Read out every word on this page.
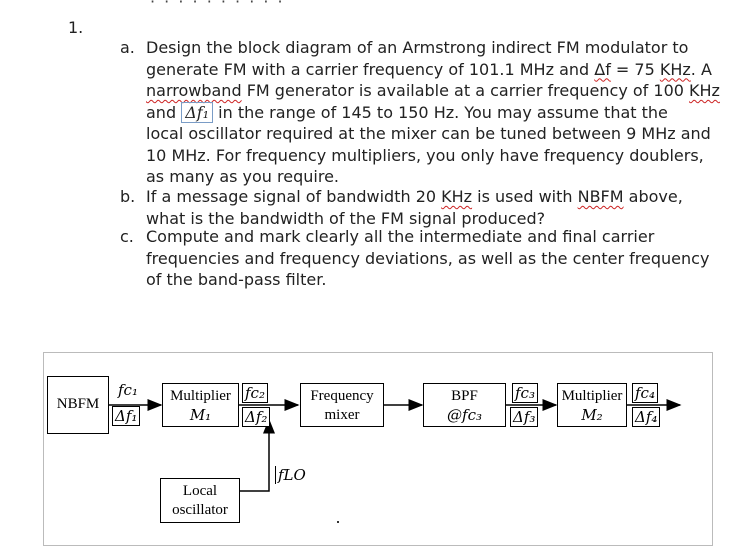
· · · · · · · · · ·
1.
a. Design the block diagram of an Armstrong indirect FM modulator to
generate FM with a carrier frequency of 101.1 MHz and Δf = 75 KHz. A
narrowband FM generator is available at a carrier frequency of 100 KHz
and Δf₁ in the range of 145 to 150 Hz. You may assume that the
local oscillator required at the mixer can be tuned between 9 MHz and
10 MHz. For frequency multipliers, you only have frequency doublers,
as many as you require.
b. If a message signal of bandwidth 20 KHz is used with NBFM above,
what is the bandwidth of the FM signal produced?
c. Compute and mark clearly all the intermediate and final carrier
frequencies and frequency deviations, as well as the center frequency
of the band-pass filter.
NBFM	Multiplier
M₁
Frequency
mixer
BPF
@fc₃
Multiplier
M₂
Local
oscillator
fc₁
Δf₁
fc₂
Δf₂
fc₃
Δf₃
fc₄
Δf₄
fLO
